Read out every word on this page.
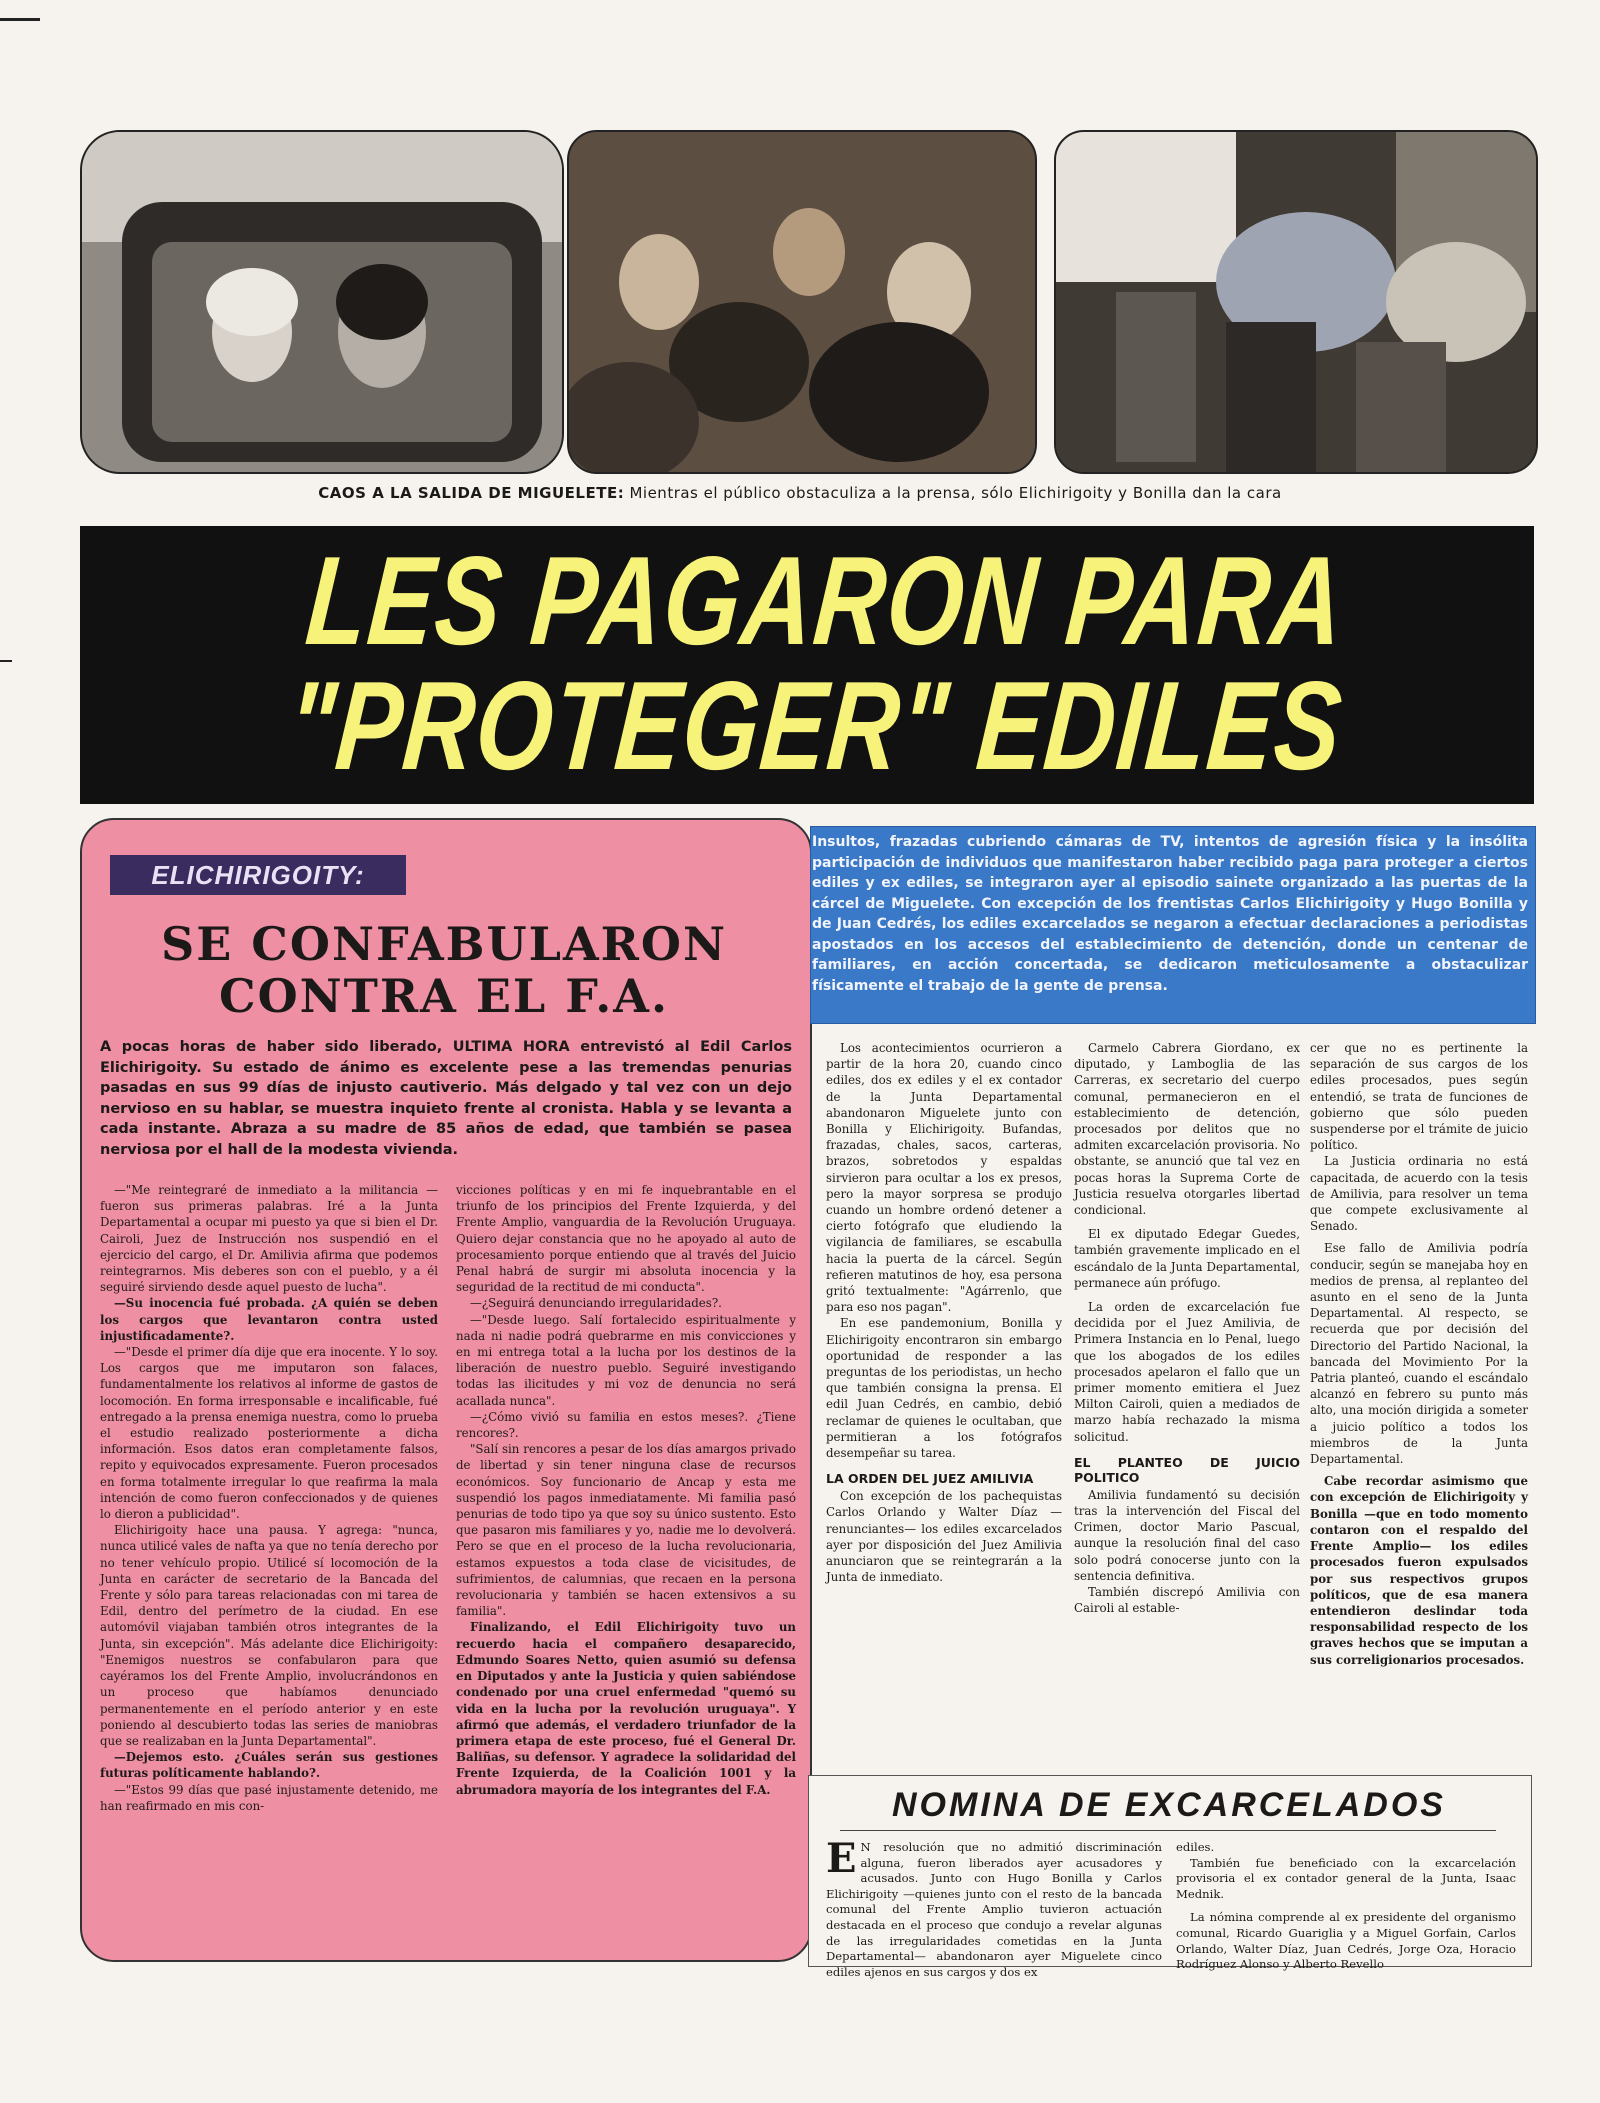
CAOS A LA SALIDA DE MIGUELETE: Mientras el público obstaculiza a la prensa, sólo Elichirigoity y Bonilla dan la cara
LES PAGARON PARA
"PROTEGER" EDILES
ELICHIRIGOITY:
SE CONFABULARON
CONTRA EL F.A.
A pocas horas de haber sido liberado, ULTIMA HORA entrevistó al Edil Carlos Elichirigoity. Su estado de ánimo es excelente pese a las tremendas penurias pasadas en sus 99 días de injusto cautiverio. Más delgado y tal vez con un dejo nervioso en su hablar, se muestra inquieto frente al cronista. Habla y se levanta a cada instante. Abraza a su madre de 85 años de edad, que también se pasea nerviosa por el hall de la modesta vivienda.

—"Me reintegraré de inmediato a la militancia —fueron sus primeras palabras. Iré a la Junta Departamental a ocupar mi puesto ya que si bien el Dr. Cairoli, Juez de Instrucción nos suspendió en el ejercicio del cargo, el Dr. Amilivia afirma que podemos reintegrarnos. Mis deberes son con el pueblo, y a él seguiré sirviendo desde aquel puesto de lucha".

—Su inocencia fué probada. ¿A quién se deben los cargos que levantaron contra usted injustificadamente?.

—"Desde el primer día dije que era inocente. Y lo soy. Los cargos que me imputaron son falaces, fundamentalmente los relativos al informe de gastos de locomoción. En forma irresponsable e incalificable, fué entregado a la prensa enemiga nuestra, como lo prueba el estudio realizado posteriormente a dicha información. Esos datos eran completamente falsos, repito y equivocados expresamente. Fueron procesados en forma totalmente irregular lo que reafirma la mala intención de como fueron confeccionados y de quienes lo dieron a publicidad".

Elichirigoity hace una pausa. Y agrega: "nunca, nunca utilicé vales de nafta ya que no tenía derecho por no tener vehículo propio. Utilicé sí locomoción de la Junta en carácter de secretario de la Bancada del Frente y sólo para tareas relacionadas con mi tarea de Edil, dentro del perímetro de la ciudad. En ese automóvil viajaban también otros integrantes de la Junta, sin excepción". Más adelante dice Elichirigoity: "Enemigos nuestros se confabularon para que cayéramos los del Frente Amplio, involucrándonos en un proceso que habíamos denunciado permanentemente en el período anterior y en este poniendo al descubierto todas las series de maniobras que se realizaban en la Junta Departamental".

—Dejemos esto. ¿Cuáles serán sus gestiones futuras políticamente hablando?.

—"Estos 99 días que pasé injustamente detenido, me han reafirmado en mis con-

vicciones políticas y en mi fe inquebrantable en el triunfo de los principios del Frente Izquierda, y del Frente Amplio, vanguardia de la Revolución Uruguaya. Quiero dejar constancia que no he apoyado al auto de procesamiento porque entiendo que al través del Juicio Penal habrá de surgir mi absoluta inocencia y la seguridad de la rectitud de mi conducta".

—¿Seguirá denunciando irregularidades?.

—"Desde luego. Salí fortalecido espiritualmente y nada ni nadie podrá quebrarme en mis convicciones y en mi entrega total a la lucha por los destinos de la liberación de nuestro pueblo. Seguiré investigando todas las ilicitudes y mi voz de denuncia no será acallada nunca".

—¿Cómo vivió su familia en estos meses?. ¿Tiene rencores?.

"Salí sin rencores a pesar de los días amargos privado de libertad y sin tener ninguna clase de recursos económicos. Soy funcionario de Ancap y esta me suspendió los pagos inmediatamente. Mi familia pasó penurias de todo tipo ya que soy su único sustento. Esto que pasaron mis familiares y yo, nadie me lo devolverá. Pero se que en el proceso de la lucha revolucionaria, estamos expuestos a toda clase de vicisitudes, de sufrimientos, de calumnias, que recaen en la persona revolucionaria y también se hacen extensivos a su familia".

Finalizando, el Edil Elichirigoity tuvo un recuerdo hacia el compañero desaparecido, Edmundo Soares Netto, quien asumió su defensa en Diputados y ante la Justicia y quien sabiéndose condenado por una cruel enfermedad "quemó su vida en la lucha por la revolución uruguaya". Y afirmó que además, el verdadero triunfador de la primera etapa de este proceso, fué el General Dr. Baliñas, su defensor. Y agradece la solidaridad del Frente Izquierda, de la Coalición 1001 y la abrumadora mayoría de los integrantes del F.A.

Insultos, frazadas cubriendo cámaras de TV, intentos de agresión física y la insólita participación de individuos que manifestaron haber recibido paga para proteger a ciertos ediles y ex ediles, se integraron ayer al episodio sainete organizado a las puertas de la cárcel de Miguelete. Con excepción de los frentistas Carlos Elichirigoity y Hugo Bonilla y de Juan Cedrés, los ediles excarcelados se negaron a efectuar declaraciones a periodistas apostados en los accesos del establecimiento de detención, donde un centenar de familiares, en acción concertada, se dedicaron meticulosamente a obstaculizar físicamente el trabajo de la gente de prensa.

Los acontecimientos ocurrieron a partir de la hora 20, cuando cinco ediles, dos ex ediles y el ex contador de la Junta Departamental abandonaron Miguelete junto con Bonilla y Elichirigoity. Bufandas, frazadas, chales, sacos, carteras, brazos, sobretodos y espaldas sirvieron para ocultar a los ex presos, pero la mayor sorpresa se produjo cuando un hombre ordenó detener a cierto fotógrafo que eludiendo la vigilancia de familiares, se escabulla hacia la puerta de la cárcel. Según refieren matutinos de hoy, esa persona gritó textualmente: "Agárrenlo, que para eso nos pagan".

En ese pandemonium, Bonilla y Elichirigoity encontraron sin embargo oportunidad de responder a las preguntas de los periodistas, un hecho que también consigna la prensa. El edil Juan Cedrés, en cambio, debió reclamar de quienes le ocultaban, que permitieran a los fotógrafos desempeñar su tarea.

LA ORDEN DEL JUEZ AMILIVIA

Con excepción de los pachequistas Carlos Orlando y Walter Díaz —renunciantes— los ediles excarcelados ayer por disposición del Juez Amilivia anunciaron que se reintegrarán a la Junta de inmediato.

Carmelo Cabrera Giordano, ex diputado, y Lamboglia de las Carreras, ex secretario del cuerpo comunal, permanecieron en el establecimiento de detención, procesados por delitos que no admiten excarcelación provisoria. No obstante, se anunció que tal vez en pocas horas la Suprema Corte de Justicia resuelva otorgarles libertad condicional.

El ex diputado Edegar Guedes, también gravemente implicado en el escándalo de la Junta Departamental, permanece aún prófugo.

La orden de excarcelación fue decidida por el Juez Amilivia, de Primera Instancia en lo Penal, luego que los abogados de los ediles procesados apelaron el fallo que un primer momento emitiera el Juez Milton Cairoli, quien a mediados de marzo había rechazado la misma solicitud.

EL PLANTEO DE JUICIO POLITICO

Amilivia fundamentó su decisión tras la intervención del Fiscal del Crimen, doctor Mario Pascual, aunque la resolución final del caso solo podrá conocerse junto con la sentencia definitiva.

También discrepó Amilivia con Cairoli al estable-

cer que no es pertinente la separación de sus cargos de los ediles procesados, pues según entendió, se trata de funciones de gobierno que sólo pueden suspenderse por el trámite de juicio político.

La Justicia ordinaria no está capacitada, de acuerdo con la tesis de Amilivia, para resolver un tema que compete exclusivamente al Senado.

Ese fallo de Amilivia podría conducir, según se manejaba hoy en medios de prensa, al replanteo del asunto en el seno de la Junta Departamental. Al respecto, se recuerda que por decisión del Directorio del Partido Nacional, la bancada del Movimiento Por la Patria planteó, cuando el escándalo alcanzó en febrero su punto más alto, una moción dirigida a someter a juicio político a todos los miembros de la Junta Departamental.

Cabe recordar asimismo que con excepción de Elichirigoity y Bonilla —que en todo momento contaron con el respaldo del Frente Amplio— los ediles procesados fueron expulsados por sus respectivos grupos políticos, que de esa manera entendieron deslindar toda responsabilidad respecto de los graves hechos que se imputan a sus correligionarios procesados.

NOMINA DE EXCARCELADOS

E N resolución que no admitió discriminación alguna, fueron liberados ayer acusadores y acusados. Junto con Hugo Bonilla y Carlos Elichirigoity —quienes junto con el resto de la bancada comunal del Frente Amplio tuvieron actuación destacada en el proceso que condujo a revelar algunas de las irregularidades cometidas en la Junta Departamental— abandonaron ayer Miguelete cinco ediles ajenos en sus cargos y dos ex

ediles.

También fue beneficiado con la excarcelación provisoria el ex contador general de la Junta, Isaac Mednik.

La nómina comprende al ex presidente del organismo comunal, Ricardo Guariglia y a Miguel Gorfain, Carlos Orlando, Walter Díaz, Juan Cedrés, Jorge Oza, Horacio Rodríguez Alonso y Alberto Revello
